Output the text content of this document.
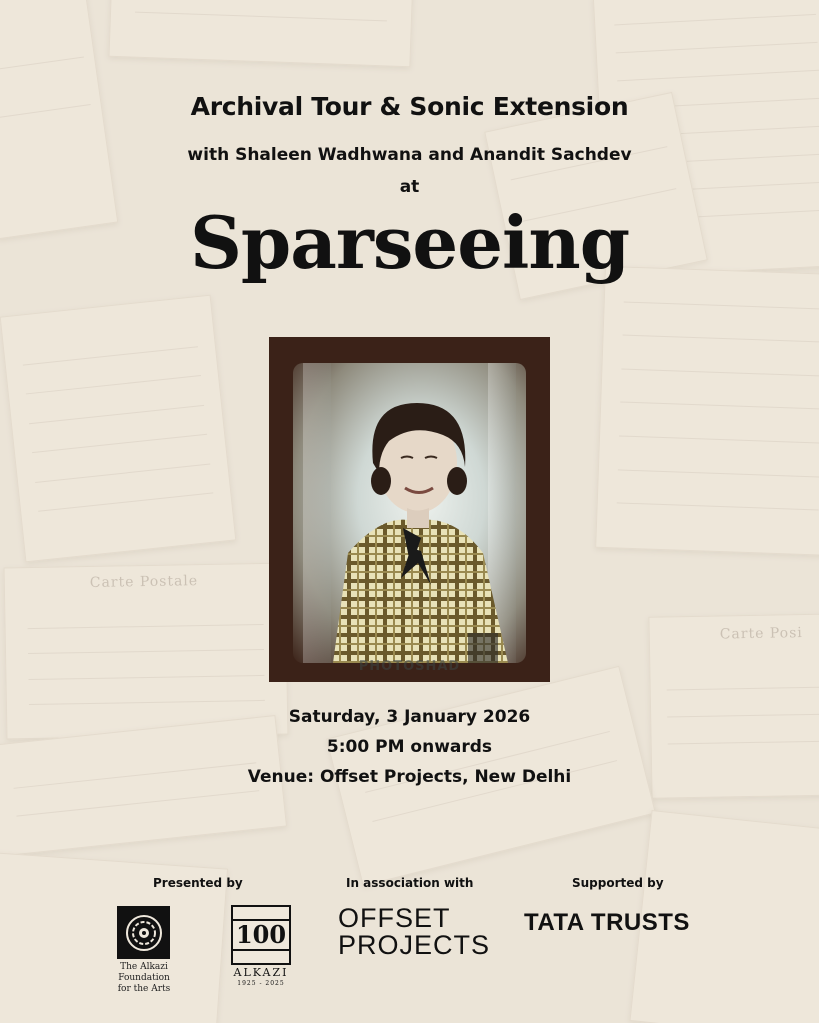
Archival Tour & Sonic Extension
with Shaleen Wadhwana and Anandit Sachdev
at
Sparseeing
PHOTOSHAD
Saturday, 3 January 2026
5:00 PM onwards
Venue: Offset Projects, New Delhi
Presented by	In association with	Supported by
The Alkazi Foundation
for the Arts
100
ALKAZI
1925 - 2025
OFFSET
PROJECTS
TATA TRUSTS
